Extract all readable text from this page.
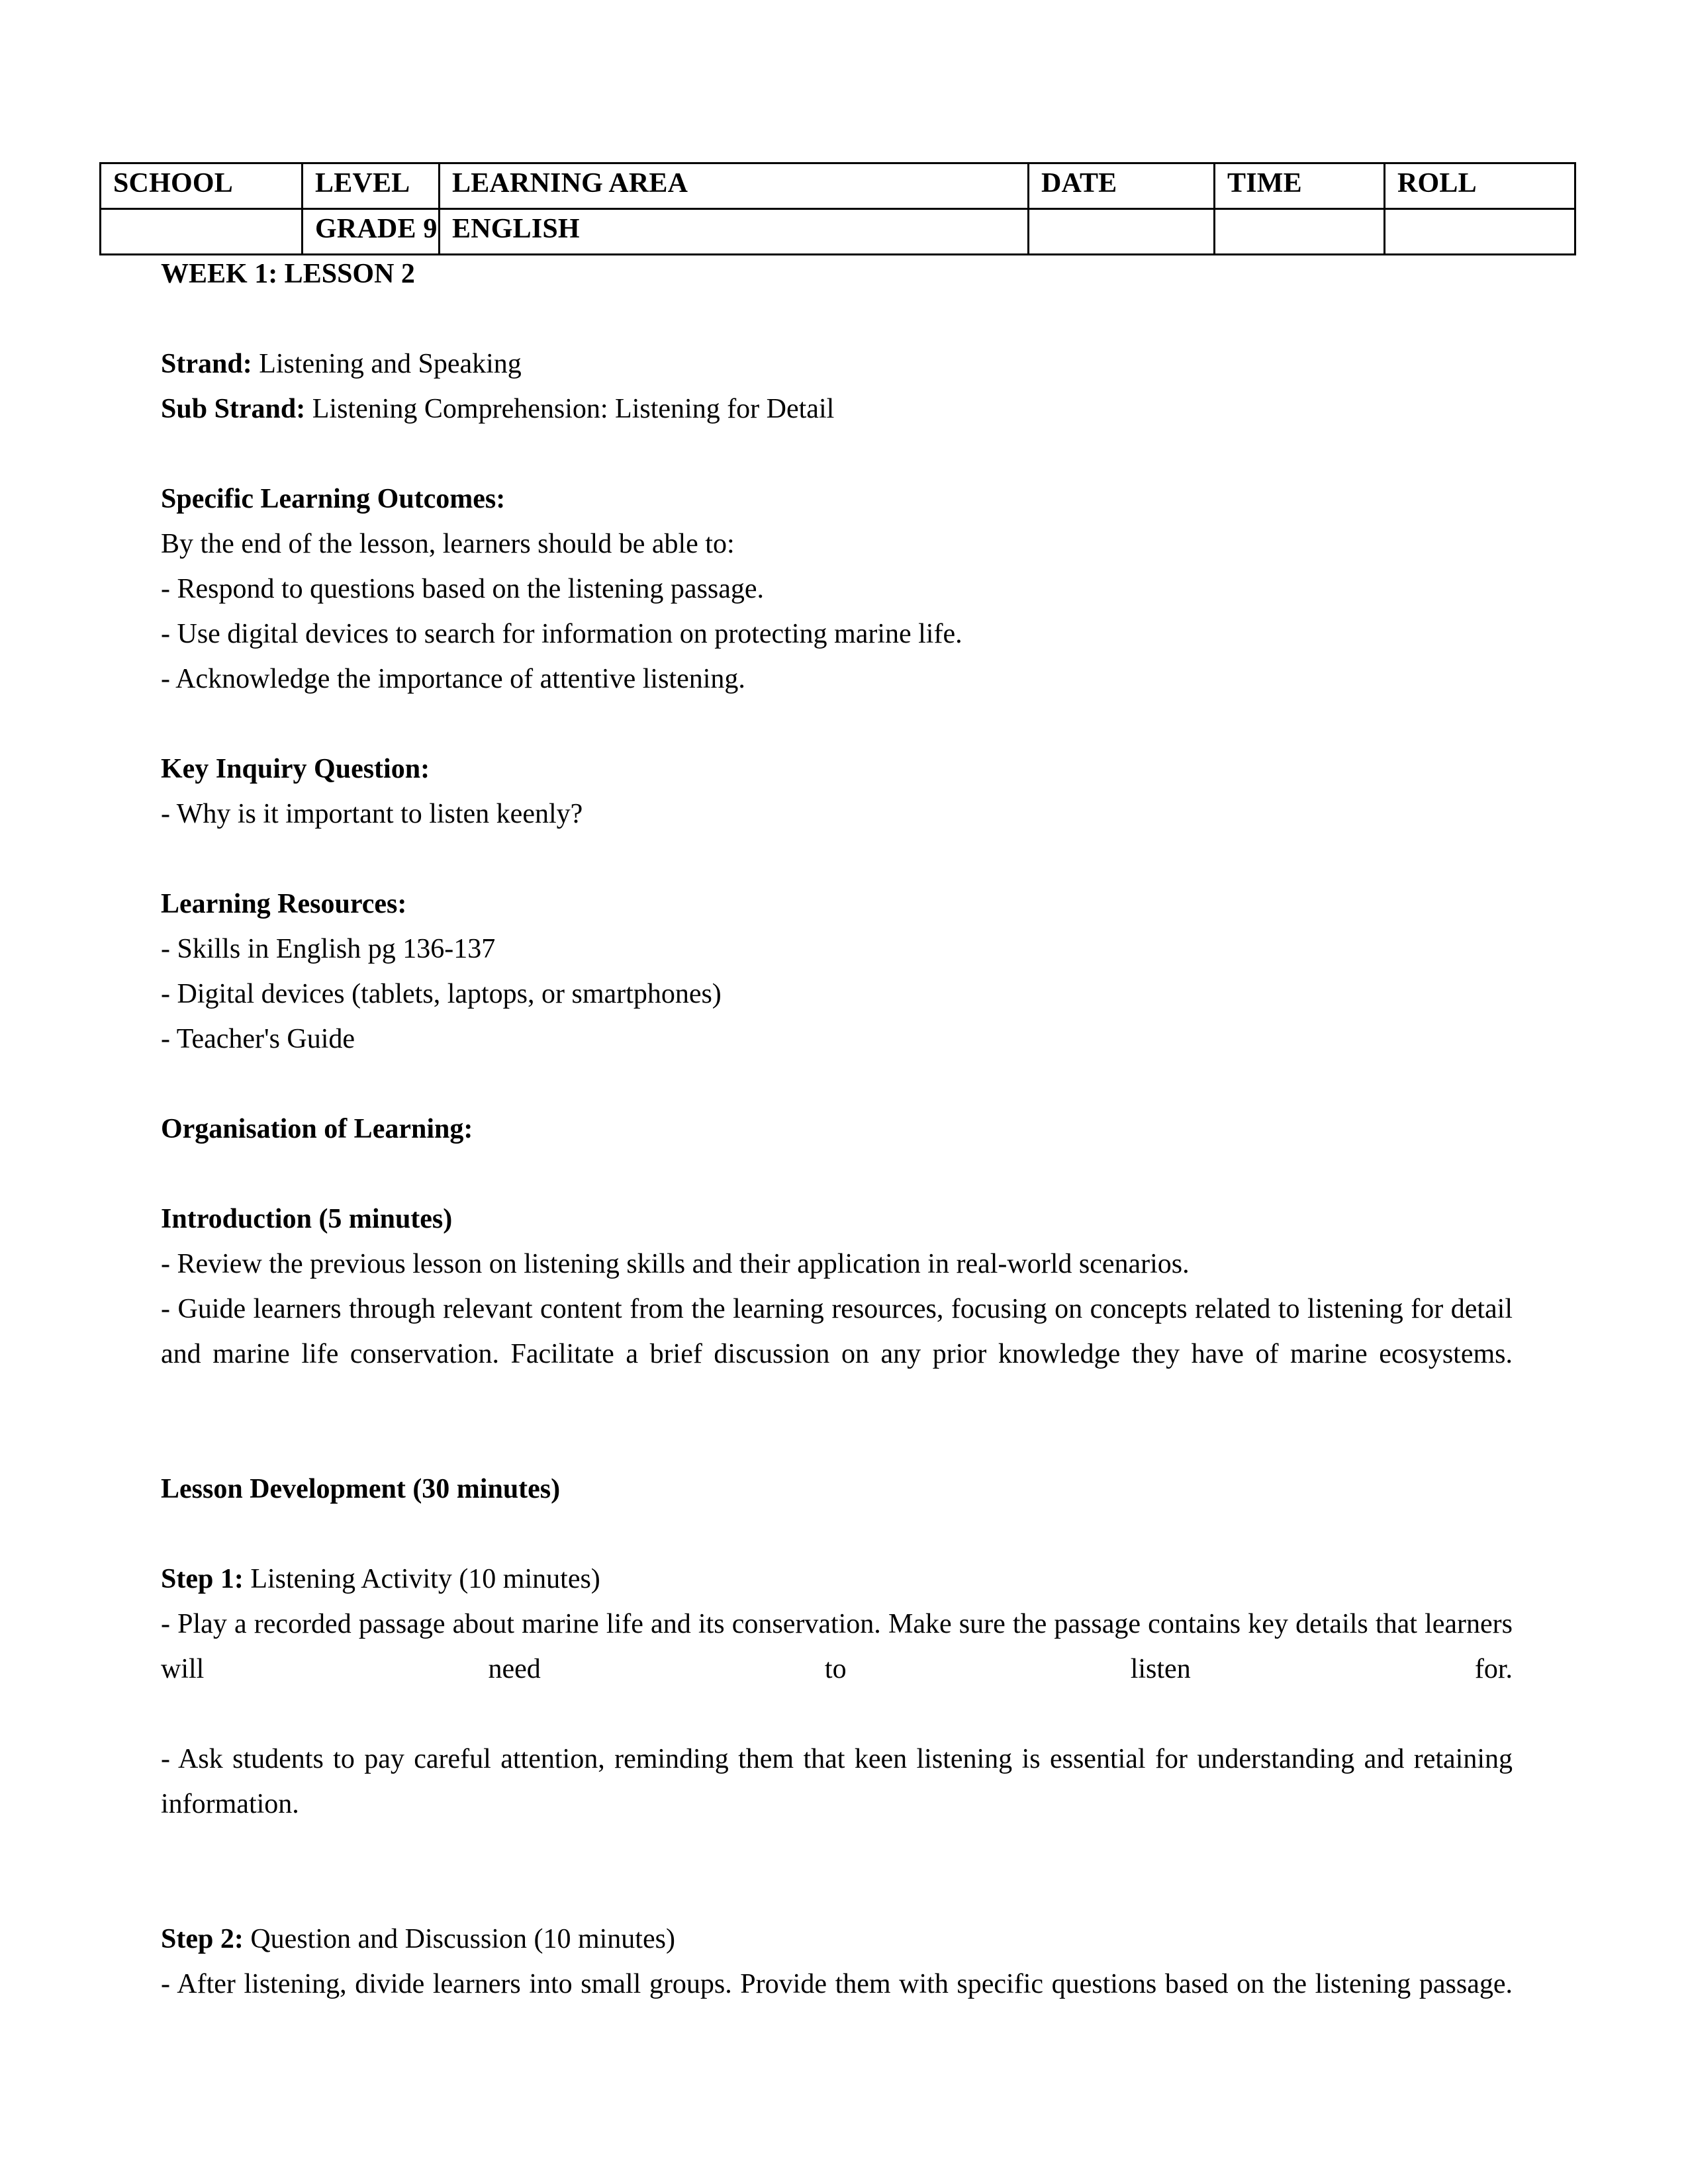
SCHOOL	LEVEL	LEARNING AREA	DATE	TIME	ROLL
	GRADE 9	ENGLISH			
WEEK 1: LESSON 2
Strand: Listening and Speaking
Sub Strand: Listening Comprehension: Listening for Detail
Specific Learning Outcomes:
By the end of the lesson, learners should be able to:
- Respond to questions based on the listening passage.
- Use digital devices to search for information on protecting marine life.
- Acknowledge the importance of attentive listening.
Key Inquiry Question:
- Why is it important to listen keenly?
Learning Resources:
- Skills in English pg 136-137
- Digital devices (tablets, laptops, or smartphones)
- Teacher's Guide
Organisation of Learning:
Introduction (5 minutes)
- Review the previous lesson on listening skills and their application in real-world scenarios.
- Guide learners through relevant content from the learning resources, focusing on concepts related to listening for detail and marine life conservation. Facilitate a brief discussion on any prior knowledge they have of marine ecosystems.
Lesson Development (30 minutes)
Step 1: Listening Activity (10 minutes)
- Play a recorded passage about marine life and its conservation. Make sure the passage contains key details that learners will need to listen for.
- Ask students to pay careful attention, reminding them that keen listening is essential for understanding and retaining information.
Step 2: Question and Discussion (10 minutes)
- After listening, divide learners into small groups. Provide them with specific questions based on the listening passage.
